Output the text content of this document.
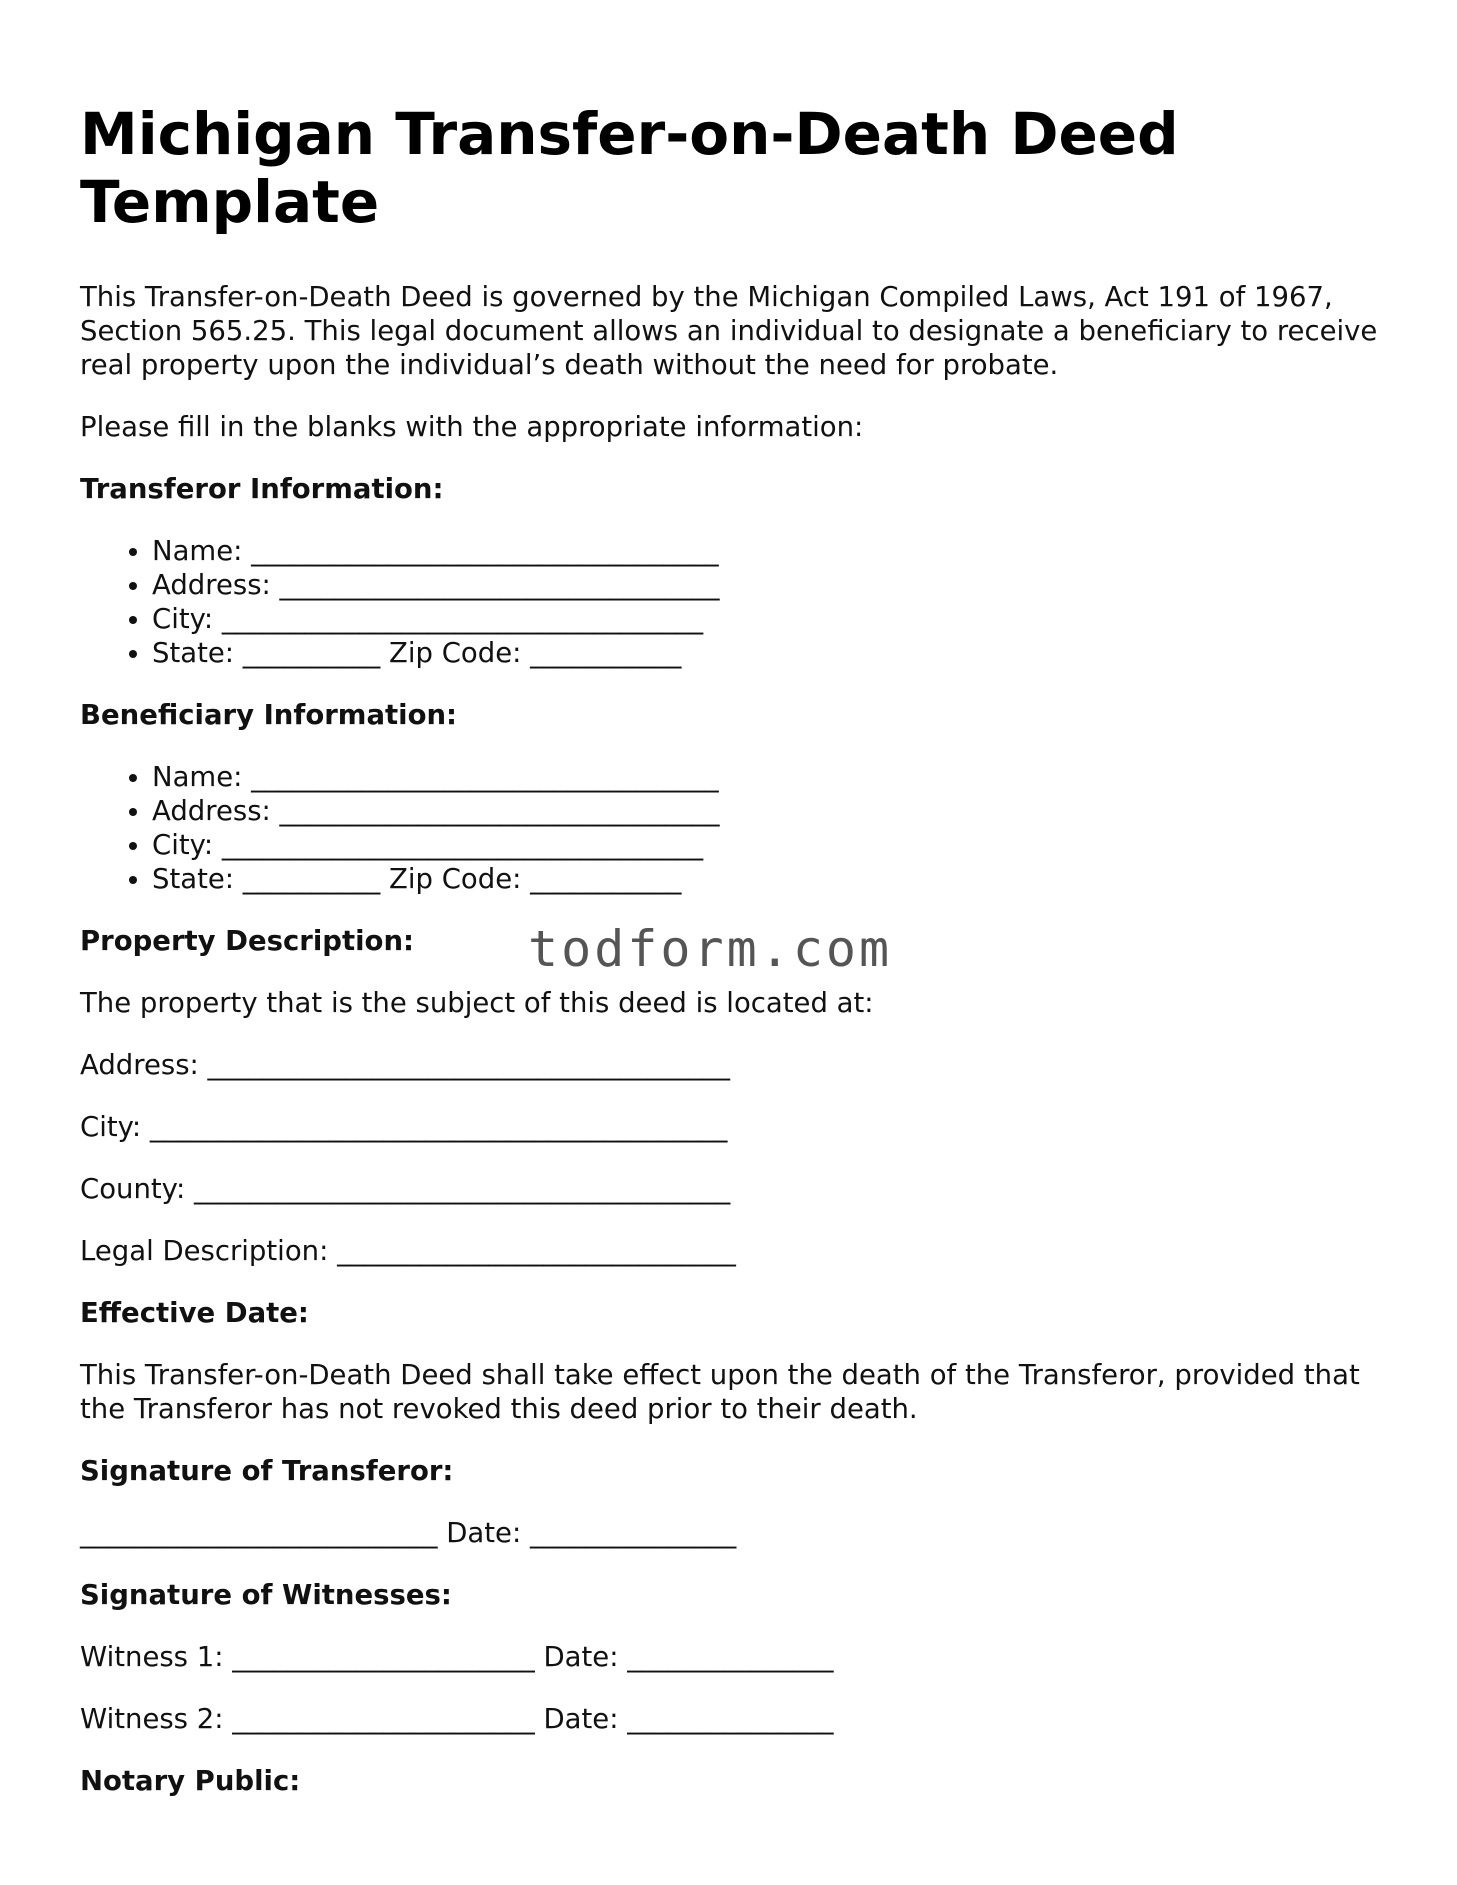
Michigan Transfer-on-Death Deed Template

This Transfer-on-Death Deed is governed by the Michigan Compiled Laws, Act 191 of 1967, Section 565.25. This legal document allows an individual to designate a beneficiary to receive real property upon the individual’s death without the need for probate.

Please fill in the blanks with the appropriate information:

Transferor Information:
• Name: __________________________________
• Address: ________________________________
• City: ___________________________________
• State: __________ Zip Code: ___________
Beneficiary Information:
• Name: __________________________________
• Address: ________________________________
• City: ___________________________________
• State: __________ Zip Code: ___________
Property Description:

The property that is the subject of this deed is located at:

Address: ______________________________________

City: __________________________________________

County: _______________________________________

Legal Description: _____________________________

Effective Date:

This Transfer-on-Death Deed shall take effect upon the death of the Transferor, provided that the Transferor has not revoked this deed prior to their death.

Signature of Transferor:

__________________________ Date: _______________

Signature of Witnesses:

Witness 1: ______________________ Date: _______________

Witness 2: ______________________ Date: _______________

Notary Public:
todform.com
